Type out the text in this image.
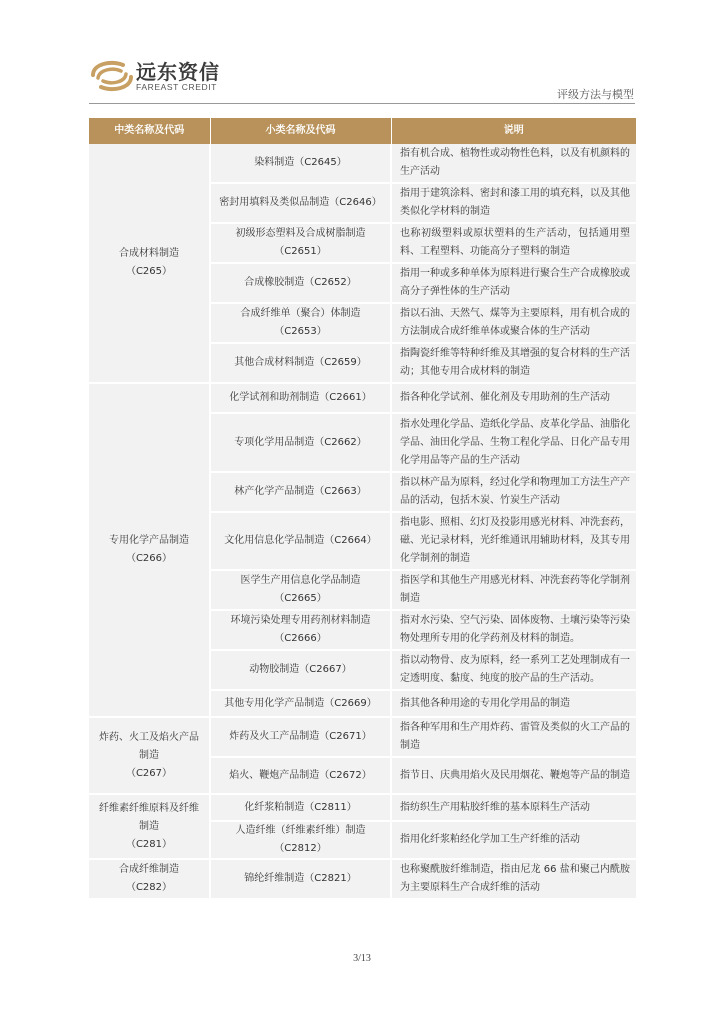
远东资信
FAREAST CREDIT
评级方法与模型
中类名称及代码	小类名称及代码	说明

合成材料制造
（C265）	染料制造（C2645）	指有机合成、植物性或动物性色料，以及有机颜料的生产活动
	密封用填料及类似品制造（C2646）	指用于建筑涂料、密封和漆工用的填充料，以及其他类似化学材料的制造
	初级形态塑料及合成树脂制造（C2651）	也称初级塑料或原状塑料的生产活动，包括通用塑料、工程塑料、功能高分子塑料的制造
	合成橡胶制造（C2652）	指用一种或多种单体为原料进行聚合生产合成橡胶或高分子弹性体的生产活动
	合成纤维单（聚合）体制造（C2653）	指以石油、天然气、煤等为主要原料，用有机合成的方法制成合成纤维单体或聚合体的生产活动
	其他合成材料制造（C2659）	指陶瓷纤维等特种纤维及其增强的复合材料的生产活动；其他专用合成材料的制造

专用化学产品制造
（C266）	化学试剂和助剂制造（C2661）	指各种化学试剂、催化剂及专用助剂的生产活动
	专项化学用品制造（C2662）	指水处理化学品、造纸化学品、皮革化学品、油脂化学品、油田化学品、生物工程化学品、日化产品专用化学用品等产品的生产活动
	林产化学产品制造（C2663）	指以林产品为原料，经过化学和物理加工方法生产产品的活动，包括木炭、竹炭生产活动
	文化用信息化学品制造（C2664）	指电影、照相、幻灯及投影用感光材料、冲洗套药，磁、光记录材料，光纤维通讯用辅助材料，及其专用化学制剂的制造
	医学生产用信息化学品制造（C2665）	指医学和其他生产用感光材料、冲洗套药等化学制剂制造
	环境污染处理专用药剂材料制造（C2666）	指对水污染、空气污染、固体废物、土壤污染等污染物处理所专用的化学药剂及材料的制造。
	动物胶制造（C2667）	指以动物骨、皮为原料，经一系列工艺处理制成有一定透明度、黏度、纯度的胶产品的生产活动。
	其他专用化学产品制造（C2669）	指其他各种用途的专用化学用品的制造

炸药、火工及焰火产品制造
（C267）	炸药及火工产品制造（C2671）	指各种军用和生产用炸药、雷管及类似的火工产品的制造
	焰火、鞭炮产品制造（C2672）	指节日、庆典用焰火及民用烟花、鞭炮等产品的制造

纤维素纤维原料及纤维制造
（C281）	化纤浆粕制造（C2811）	指纺织生产用粘胶纤维的基本原料生产活动
	人造纤维（纤维素纤维）制造（C2812）	指用化纤浆粕经化学加工生产纤维的活动

合成纤维制造
（C282）	锦纶纤维制造（C2821）	也称聚酰胺纤维制造，指由尼龙 66 盐和聚己内酰胺为主要原料生产合成纤维的活动
3/13
